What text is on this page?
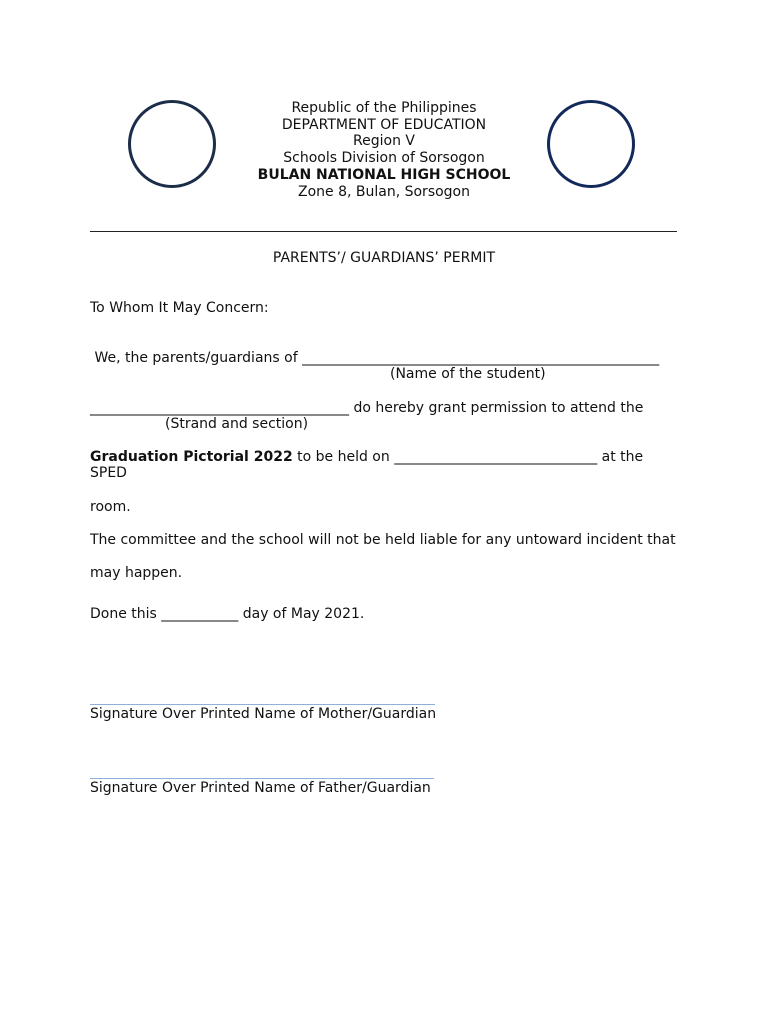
Republic of the Philippines
DEPARTMENT OF EDUCATION
Region V
Schools Division of Sorsogon
BULAN NATIONAL HIGH SCHOOL
Zone 8, Bulan, Sorsogon
PARENTS’/ GUARDIANS’ PERMIT
To Whom It May Concern:
We, the parents/guardians of ___________________________________________________
(Name of the student)
_____________________________________ do hereby grant permission to attend the
(Strand and section)
Graduation Pictorial 2022 to be held on _____________________________ at the
SPED
room.
The committee and the school will not be held liable for any untoward incident that
may happen.
Done this ___________ day of May 2021.
Signature Over Printed Name of Mother/Guardian
Signature Over Printed Name of Father/Guardian
